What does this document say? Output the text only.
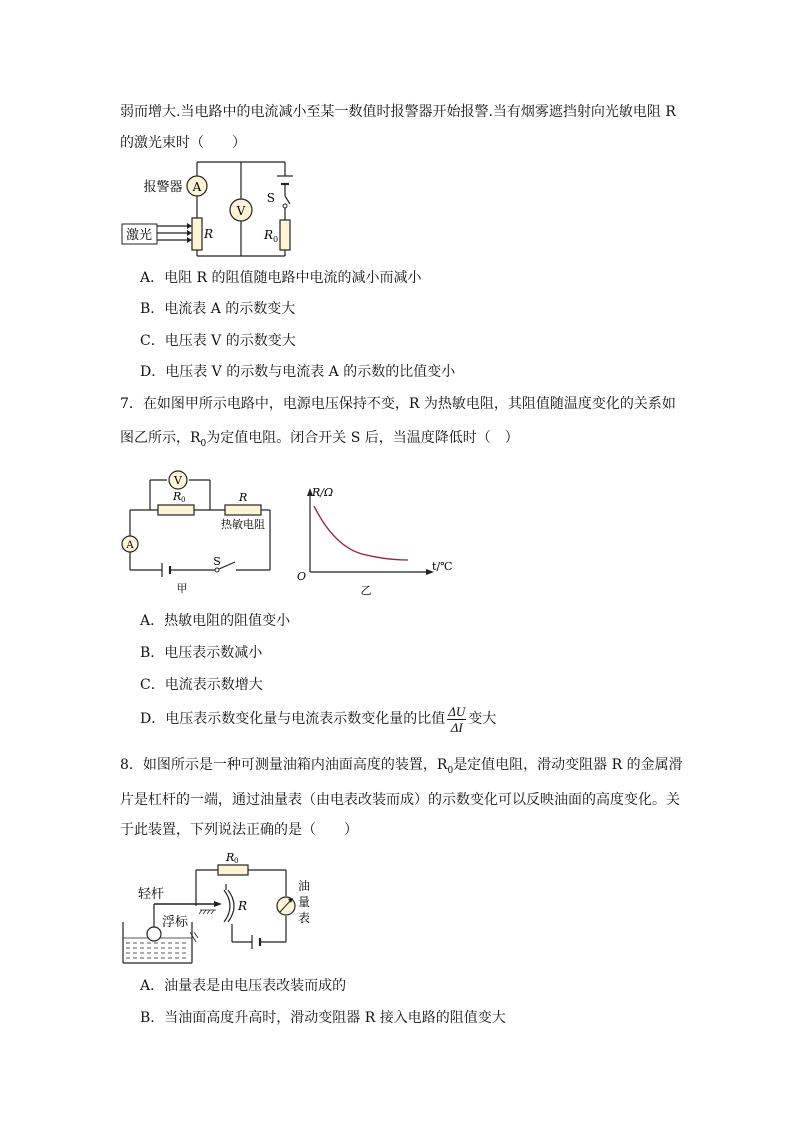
弱而增大.当电路中的电流减小至某一数值时报警器开始报警.当有烟雾遮挡射向光敏电阻 R
的激光束时（　　）
A
V
激光
报警器
R
S
R 0
A．电阻 R 的阻值随电路中电流的减小而减小
B．电流表 A 的示数变大
C．电压表 V 的示数变大
D．电压表 V 的示数与电流表 A 的示数的比值变小
7．在如图甲所示电路中，电源电压保持不变，R 为热敏电阻，其阻值随温度变化的关系如
图乙所示，$R_0$为定值电阻。闭合开关 S 后，当温度降低时（　）
V
A
R 0	R
热敏电阻
S
甲
R/Ω
t/℃
O
乙
A．热敏电阻的阻值变小
B．电压表示数减小
C．电流表示数增大
D．电压表示数变化量与电流表示数变化量的比值 $\frac{\Delta U}{\Delta I}$ 变大
8．如图所示是一种可测量油箱内油面高度的装置，$R_0$是定值电阻，滑动变阻器 R 的金属滑
片是杠杆的一端，通过油量表（由电表改装而成）的示数变化可以反映油面的高度变化。关
于此装置，下列说法正确的是（　　）
R 0
R
轻杆
浮标
油
量
表
A．油量表是由电压表改装而成的
B．当油面高度升高时，滑动变阻器 R 接入电路的阻值变大
